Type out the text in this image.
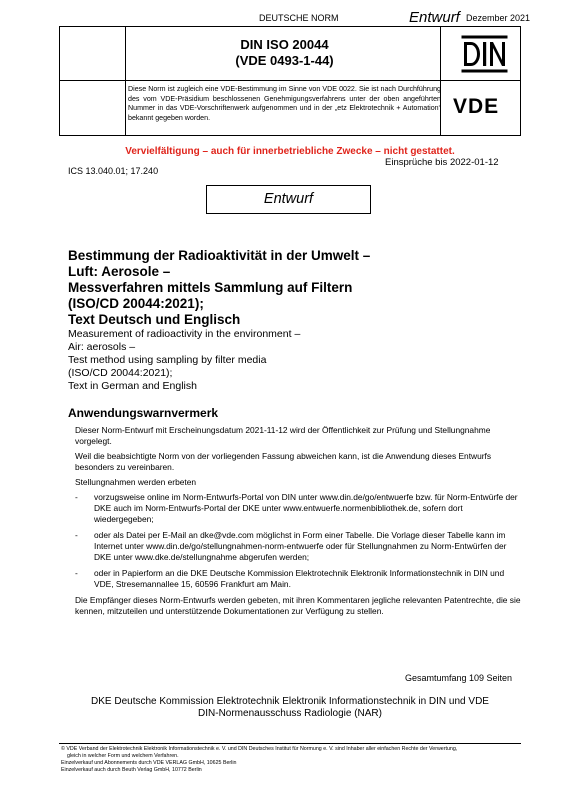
DEUTSCHE NORM	Entwurf Dezember 2021
DIN ISO 20044
(VDE 0493-1-44)
Diese Norm ist zugleich eine VDE-Bestimmung im Sinne von VDE 0022. Sie ist nach Durchführung des vom VDE-Präsidium beschlossenen Genehmigungsverfahrens unter der oben angeführten Nummer in das VDE-Vorschriftenwerk aufgenommen und in der „etz Elektrotechnik + Automation“ bekannt gegeben worden.	VDE
Vervielfältigung – auch für innerbetriebliche Zwecke – nicht gestattet.
Einsprüche bis 2022-01-12
ICS 13.040.01; 17.240
Entwurf
Bestimmung der Radioaktivität in der Umwelt –
Luft: Aerosole –
Messverfahren mittels Sammlung auf Filtern
(ISO/CD 20044:2021);
Text Deutsch und Englisch
Measurement of radioactivity in the environment –
Air: aerosols –
Test method using sampling by filter media
(ISO/CD 20044:2021);
Text in German and English
Anwendungswarnvermerk

Dieser Norm-Entwurf mit Erscheinungsdatum 2021-11-12 wird der Öffentlichkeit zur Prüfung und Stellungnahme vorgelegt.

Weil die beabsichtigte Norm von der vorliegenden Fassung abweichen kann, ist die Anwendung dieses Entwurfs besonders zu vereinbaren.

Stellungnahmen werden erbeten

-	vorzugsweise online im Norm-Entwurfs-Portal von DIN unter www.din.de/go/entwuerfe bzw. für Norm-Entwürfe der DKE auch im Norm-Entwurfs-Portal der DKE unter www.entwuerfe.normenbibliothek.de, sofern dort wiedergegeben;
-	oder als Datei per E-Mail an dke@vde.com möglichst in Form einer Tabelle. Die Vorlage dieser Tabelle kann im Internet unter www.din.de/go/stellungnahmen-norm-entwuerfe oder für Stellungnahmen zu Norm-Entwürfen der DKE unter www.dke.de/stellungnahme abgerufen werden;
-	oder in Papierform an die DKE Deutsche Kommission Elektrotechnik Elektronik Informationstechnik in DIN und VDE, Stresemannallee 15, 60596 Frankfurt am Main.

Die Empfänger dieses Norm-Entwurfs werden gebeten, mit ihren Kommentaren jegliche relevanten Patentrechte, die sie kennen, mitzuteilen und unterstützende Dokumentationen zur Verfügung zu stellen.

Gesamtumfang 109 Seiten
DKE Deutsche Kommission Elektrotechnik Elektronik Informationstechnik in DIN und VDE
DIN-Normenausschuss Radiologie (NAR)
© VDE Verband der Elektrotechnik Elektronik Informationstechnik e. V. und DIN Deutsches Institut für Normung e. V. sind Inhaber aller einfachen Rechte der Verwertung,
gleich in welcher Form und welchem Verfahren.
Einzelverkauf und Abonnements durch VDE VERLAG GmbH, 10625 Berlin
Einzelverkauf auch durch Beuth Verlag GmbH, 10772 Berlin
